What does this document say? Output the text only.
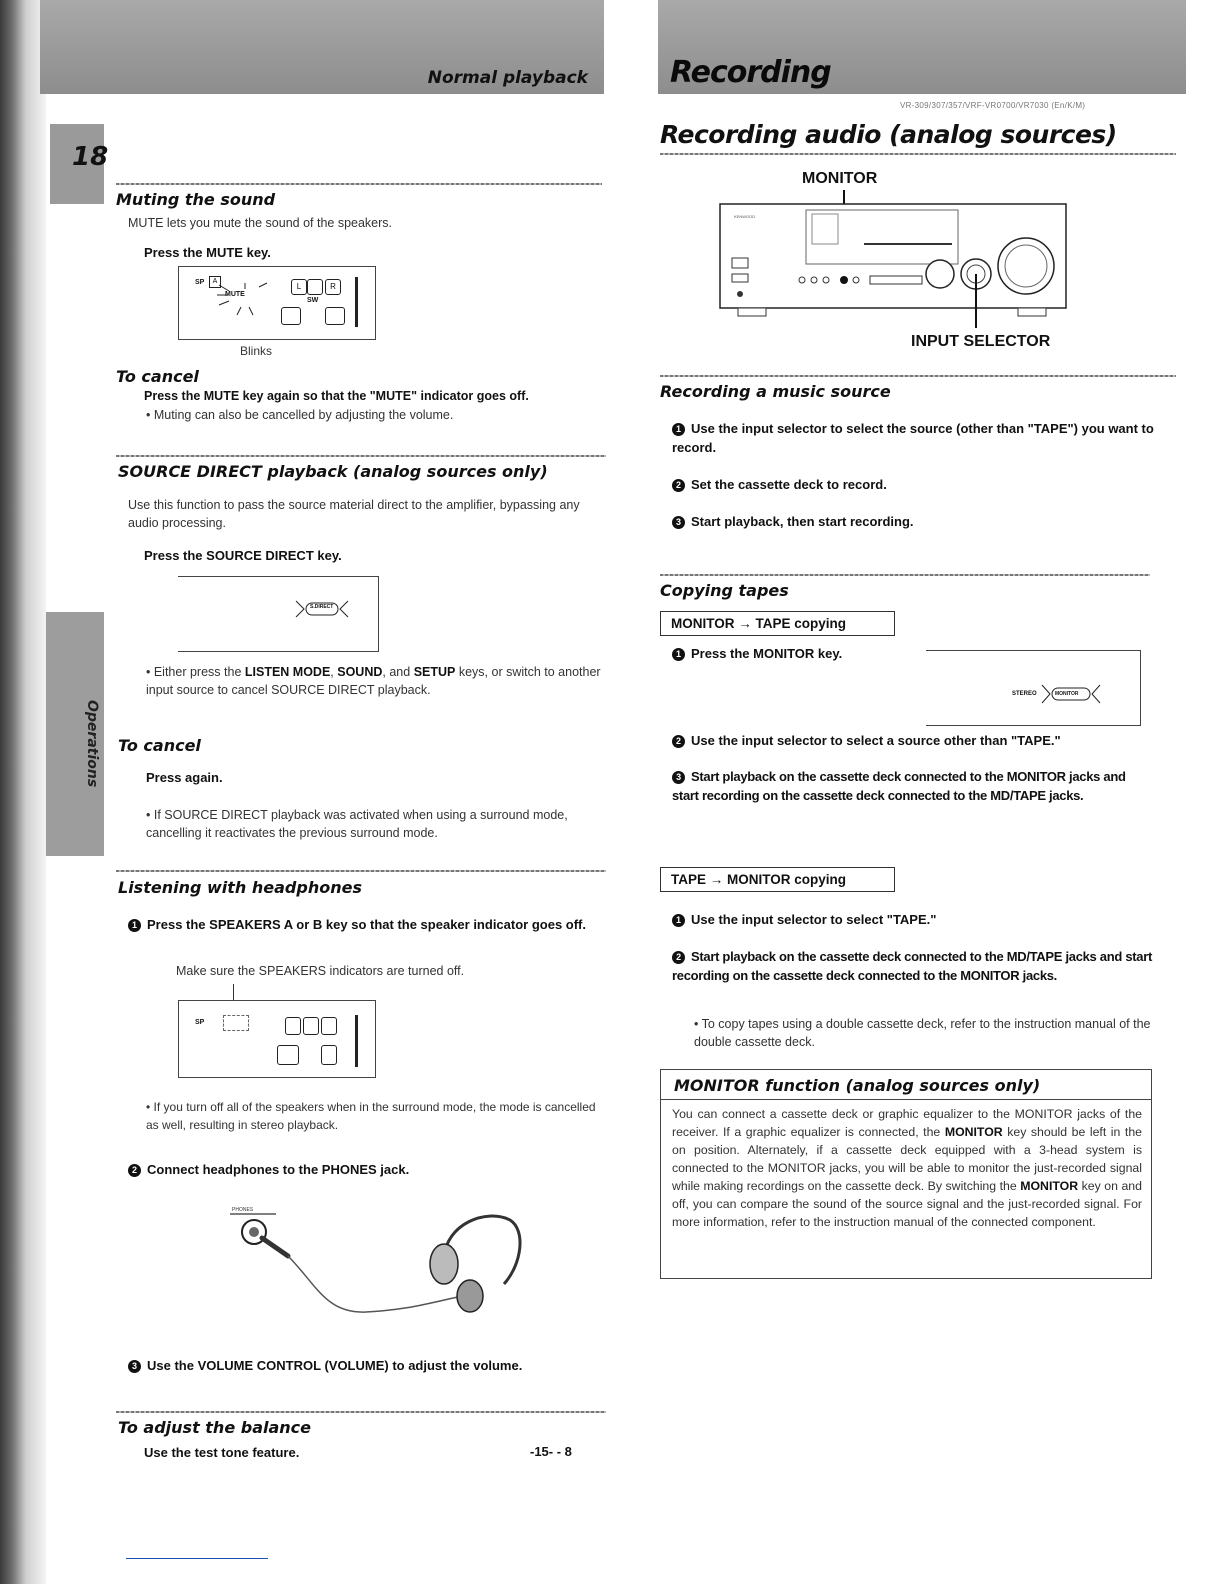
Normal playback	Recording
VR-309/307/357/VRF-VR0700/VR7030 (En/K/M)
18
Operations
Muting the sound
MUTE lets you mute the sound of the speakers.
Press the MUTE key.
SP	A
MUTE
L	R
SW
Blinks
To cancel
Press the MUTE key again so that the "MUTE" indicator goes off.
• Muting can also be cancelled by adjusting the volume.
SOURCE DIRECT playback (analog sources only)
Use this function to pass the source material direct to the amplifier, bypassing any audio processing.
Press the SOURCE DIRECT key.
S.DIRECT
• Either press the LISTEN MODE, SOUND, and SETUP keys, or switch to another input source to cancel SOURCE DIRECT playback.
To cancel
Press again.
• If SOURCE DIRECT playback was activated when using a surround mode, cancelling it reactivates the previous surround mode.
Listening with headphones
1 Press the SPEAKERS A or B key so that the speaker indicator goes off.
Make sure the SPEAKERS indicators are turned off.
SP
• If you turn off all of the speakers when in the surround mode, the mode is cancelled as well, resulting in stereo playback.
2 Connect headphones to the PHONES jack.
PHONES
3 Use the VOLUME CONTROL (VOLUME) to adjust the volume.
To adjust the balance
Use the test tone feature.	-15- - 8
Recording audio (analog sources)
MONITOR
KENWOOD
INPUT SELECTOR
Recording a music source
1 Use the input selector to select the source (other than "TAPE") you want to record.
2 Set the cassette deck to record.
3 Start playback, then start recording.
Copying tapes
MONITOR → TAPE copying
1 Press the MONITOR key.
STEREO	MONITOR
2 Use the input selector to select a source other than "TAPE."
3 Start playback on the cassette deck connected to the MONITOR jacks and start recording on the cassette deck connected to the MD/TAPE jacks.
TAPE → MONITOR copying
1 Use the input selector to select "TAPE."
2 Start playback on the cassette deck connected to the MD/TAPE jacks and start recording on the cassette deck connected to the MONITOR jacks.
• To copy tapes using a double cassette deck, refer to the instruction manual of the double cassette deck.
MONITOR function (analog sources only)
You can connect a cassette deck or graphic equalizer to the MONITOR jacks of the receiver. If a graphic equalizer is connected, the MONITOR key should be left in the on position. Alternately, if a cassette deck equipped with a 3-head system is connected to the MONITOR jacks, you will be able to monitor the just-recorded signal while making recordings on the cassette deck. By switching the MONITOR key on and off, you can compare the sound of the source signal and the just-recorded signal. For more information, refer to the instruction manual of the connected component.
